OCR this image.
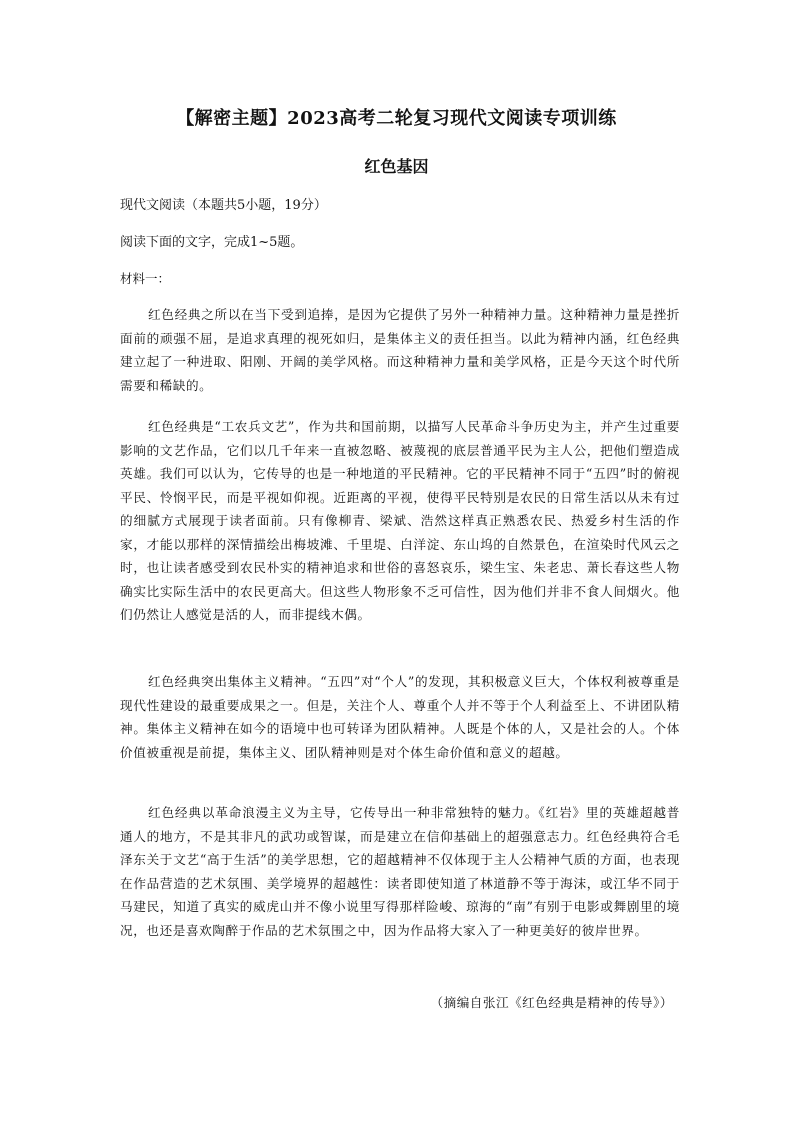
【解密主题】2023高考二轮复习现代文阅读专项训练
红色基因
现代文阅读（本题共5小题，19分）
阅读下面的文字，完成1~5题。
材料一：

红色经典之所以在当下受到追捧，是因为它提供了另外一种精神力量。这种精神力量是挫折面前的顽强不屈，是追求真理的视死如归，是集体主义的责任担当。以此为精神内涵，红色经典建立起了一种进取、阳刚、开阔的美学风格。而这种精神力量和美学风格，正是今天这个时代所需要和稀缺的。

红色经典是“工农兵文艺”，作为共和国前期，以描写人民革命斗争历史为主，并产生过重要影响的文艺作品，它们以几千年来一直被忽略、被蔑视的底层普通平民为主人公，把他们塑造成英雄。我们可以认为，它传导的也是一种地道的平民精神。它的平民精神不同于“五四”时的俯视平民、怜悯平民，而是平视如仰视。近距离的平视，使得平民特别是农民的日常生活以从未有过的细腻方式展现于读者面前。只有像柳青、梁斌、浩然这样真正熟悉农民、热爱乡村生活的作家，才能以那样的深情描绘出梅坡滩、千里堤、白洋淀、东山坞的自然景色，在渲染时代风云之时，也让读者感受到农民朴实的精神追求和世俗的喜怒哀乐，梁生宝、朱老忠、萧长春这些人物确实比实际生活中的农民更高大。但这些人物形象不乏可信性，因为他们并非不食人间烟火。他们仍然让人感觉是活的人，而非提线木偶。

红色经典突出集体主义精神。“五四”对“个人”的发现，其积极意义巨大，个体权利被尊重是现代性建设的最重要成果之一。但是，关注个人、尊重个人并不等于个人利益至上、不讲团队精神。集体主义精神在如今的语境中也可转译为团队精神。人既是个体的人，又是社会的人。个体价值被重视是前提，集体主义、团队精神则是对个体生命价值和意义的超越。

红色经典以革命浪漫主义为主导，它传导出一种非常独特的魅力。《红岩》里的英雄超越普通人的地方，不是其非凡的武功或智谋，而是建立在信仰基础上的超强意志力。红色经典符合毛泽东关于文艺“高于生活”的美学思想，它的超越精神不仅体现于主人公精神气质的方面，也表现在作品营造的艺术氛围、美学境界的超越性：读者即使知道了林道静不等于海沫，或江华不同于马建民，知道了真实的威虎山并不像小说里写得那样险峻、琼海的“南”有别于电影或舞剧里的境况，也还是喜欢陶醉于作品的艺术氛围之中，因为作品将大家入了一种更美好的彼岸世界。

（摘编自张江《红色经典是精神的传导》）
